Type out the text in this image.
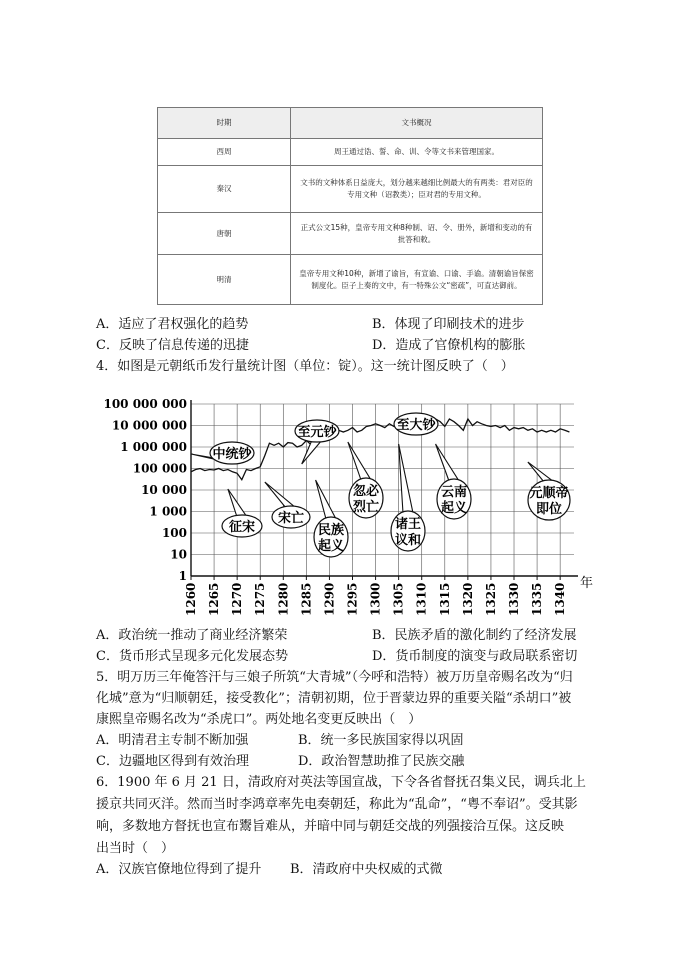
时期	文书概况
西周	周王通过诰、誓、命、训、令等文书来管理国家。
秦汉	文书的文种体系日益庞大，划分越来越细比例最大的有两类：君对臣的专用文种（诏教类）；臣对君的专用文种。
唐朝	正式公文15种，皇帝专用文种8种制、诏、令、册外，新增和变动的有批答和敕。
明清	皇帝专用文种10种，新增了谕旨，有宣谕、口谕、手谕。清朝谕旨保密制度化。臣子上奏的文中，有一特殊公文“密疏”，可直达御前。
A．适应了君权强化的趋势	B．体现了印刷技术的进步
C．反映了信息传递的迅捷	D．造成了官僚机构的膨胀
4．如图是元朝纸币发行量统计图（单位：锭）。这一统计图反映了（　）
100 000 000
10 000 000
1 000 000
100 000
10 000
1 000
100
10
1
1260 1265 1270 1275 1280 1285 1290 1295 1300 1305 1310 1315 1320 1325 1330 1335 1340
中统钞
征宋
宋亡
至元钞
民族
起义
忽必
烈亡
诸王
议和
至大钞
云南
起义
元顺帝
即位
年
A．政治统一推动了商业经济繁荣	B．民族矛盾的激化制约了经济发展
C．货币形式呈现多元化发展态势	D．货币制度的演变与政局联系密切
5．明万历三年俺答汗与三娘子所筑“大青城”（今呼和浩特）被万历皇帝赐名改为“归
化城”意为“归顺朝廷，接受教化”；清朝初期，位于晋蒙边界的重要关隘“杀胡口”被
康熙皇帝赐名改为“杀虎口”。两处地名变更反映出（　）
A．明清君主专制不断加强	B．统一多民族国家得以巩固
C．边疆地区得到有效治理	D．政治智慧助推了民族交融
6．1900 年 6 月 21 日，清政府对英法等国宣战，下令各省督抚召集义民，调兵北上
援京共同灭洋。然而当时李鸿章率先电奏朝廷，称此为“乱命”，“粤不奉诏”。受其影
响，多数地方督抚也宣布鬻旨难从，并暗中同与朝廷交战的列强接洽互保。这反映
出当时（　）
A．汉族官僚地位得到了提升 B．清政府中央权威的式微
